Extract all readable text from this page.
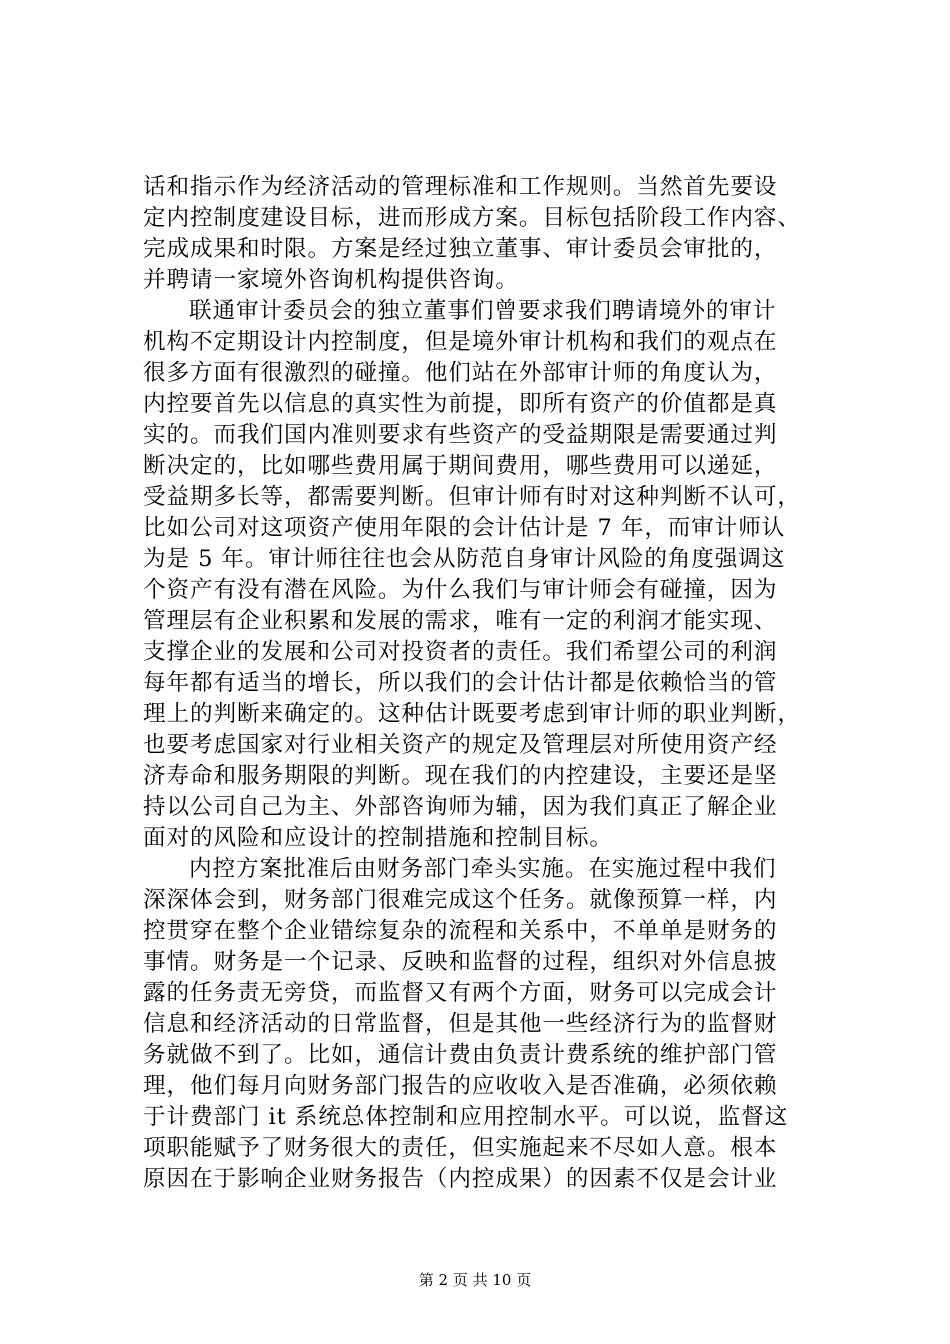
话和指示作为经济活动的管理标准和工作规则。当然首先要设
定内控制度建设目标，进而形成方案。目标包括阶段工作内容、
完成成果和时限。方案是经过独立董事、审计委员会审批的，
并聘请一家境外咨询机构提供咨询。
联通审计委员会的独立董事们曾要求我们聘请境外的审计
机构不定期设计内控制度，但是境外审计机构和我们的观点在
很多方面有很激烈的碰撞。他们站在外部审计师的角度认为，
内控要首先以信息的真实性为前提，即所有资产的价值都是真
实的。而我们国内准则要求有些资产的受益期限是需要通过判
断决定的，比如哪些费用属于期间费用，哪些费用可以递延，
受益期多长等，都需要判断。但审计师有时对这种判断不认可，
比如公司对这项资产使用年限的会计估计是 7 年，而审计师认
为是 5 年。审计师往往也会从防范自身审计风险的角度强调这
个资产有没有潜在风险。为什么我们与审计师会有碰撞，因为
管理层有企业积累和发展的需求，唯有一定的利润才能实现、
支撑企业的发展和公司对投资者的责任。我们希望公司的利润
每年都有适当的增长，所以我们的会计估计都是依赖恰当的管
理上的判断来确定的。这种估计既要考虑到审计师的职业判断，
也要考虑国家对行业相关资产的规定及管理层对所使用资产经
济寿命和服务期限的判断。现在我们的内控建设，主要还是坚
持以公司自己为主、外部咨询师为辅，因为我们真正了解企业
面对的风险和应设计的控制措施和控制目标。
内控方案批准后由财务部门牵头实施。在实施过程中我们
深深体会到，财务部门很难完成这个任务。就像预算一样，内
控贯穿在整个企业错综复杂的流程和关系中，不单单是财务的
事情。财务是一个记录、反映和监督的过程，组织对外信息披
露的任务责无旁贷，而监督又有两个方面，财务可以完成会计
信息和经济活动的日常监督，但是其他一些经济行为的监督财
务就做不到了。比如，通信计费由负责计费系统的维护部门管
理，他们每月向财务部门报告的应收收入是否准确，必须依赖
于计费部门 it 系统总体控制和应用控制水平。可以说，监督这
项职能赋予了财务很大的责任，但实施起来不尽如人意。根本
原因在于影响企业财务报告（内控成果）的因素不仅是会计业
第 2 页 共 10 页
